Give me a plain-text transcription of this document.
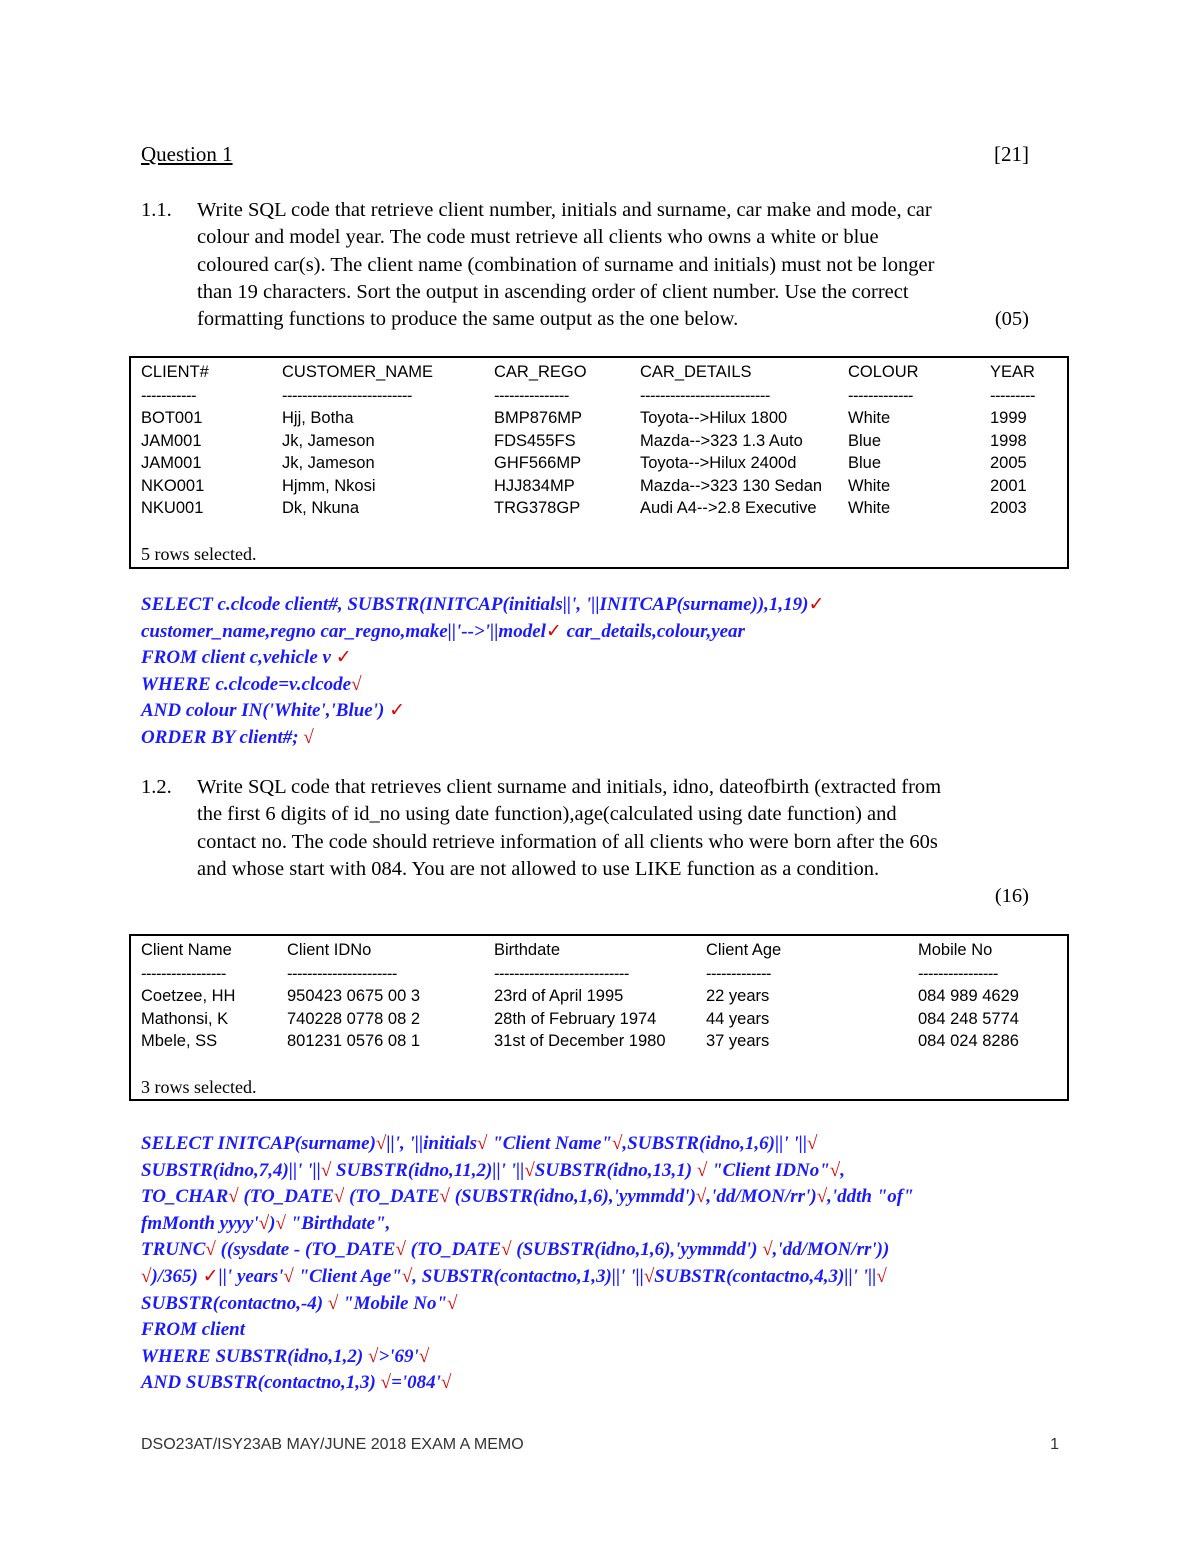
Question 1	[21]
1.1. Write SQL code that retrieve client number, initials and surname, car make and mode, car
colour and model year. The code must retrieve all clients who owns a white or blue
coloured car(s). The client name (combination of surname and initials) must not be longer
than 19 characters. Sort the output in ascending order of client number. Use the correct
(05)
formatting functions to produce the same output as the one below.
CLIENT#	CUSTOMER_NAME	CAR_REGO	CAR_DETAILS	COLOUR	YEAR
-----------	--------------------------	---------------	--------------------------	-------------	---------
BOT001	Hjj, Botha	BMP876MP	Toyota-->Hilux 1800	White	1999
JAM001	Jk, Jameson	FDS455FS	Mazda-->323 1.3 Auto	Blue	1998
JAM001	Jk, Jameson	GHF566MP	Toyota-->Hilux 2400d	Blue	2005
NKO001	Hjmm, Nkosi	HJJ834MP	Mazda-->323 130 Sedan	White	2001
NKU001	Dk, Nkuna	TRG378GP	Audi A4-->2.8 Executive	White	2003
5 rows selected.
SELECT c.clcode client#, SUBSTR(INITCAP(initials||', '||INITCAP(surname)),1,19)✓
customer_name,regno car_regno,make||'-->'||model✓ car_details,colour,year
FROM client c,vehicle v ✓
WHERE c.clcode=v.clcode√
AND colour IN('White','Blue') ✓
ORDER BY client#; √
1.2. Write SQL code that retrieves client surname and initials, idno, dateofbirth (extracted from
the first 6 digits of id_no using date function),age(calculated using date function) and
contact no. The code should retrieve information of all clients who were born after the 60s
and whose start with 084. You are not allowed to use LIKE function as a condition.
(16)
Client Name	Client IDNo	Birthdate	Client Age	Mobile No
-----------------	----------------------	---------------------------	-------------	----------------
Coetzee, HH	950423 0675 00 3	23rd of April 1995	22 years	084 989 4629
Mathonsi, K	740228 0778 08 2	28th of February 1974	44 years	084 248 5774
Mbele, SS	801231 0576 08 1	31st of December 1980	37 years	084 024 8286
3 rows selected.
SELECT INITCAP(surname)√||', '||initials√ "Client Name"√,SUBSTR(idno,1,6)||' '||√
SUBSTR(idno,7,4)||' '||√ SUBSTR(idno,11,2)||' '||√SUBSTR(idno,13,1) √ "Client IDNo"√,
TO_CHAR√ (TO_DATE√ (TO_DATE√ (SUBSTR(idno,1,6),'yymmdd')√,'dd/MON/rr')√,'ddth "of"
fmMonth yyyy'√)√ "Birthdate",
TRUNC√ ((sysdate - (TO_DATE√ (TO_DATE√ (SUBSTR(idno,1,6),'yymmdd') √,'dd/MON/rr'))
√)/365) ✓||' years'√ "Client Age"√, SUBSTR(contactno,1,3)||' '||√SUBSTR(contactno,4,3)||' '||√
SUBSTR(contactno,-4) √ "Mobile No"√
FROM client
WHERE SUBSTR(idno,1,2) √>'69'√
AND SUBSTR(contactno,1,3) √='084'√
DSO23AT/ISY23AB MAY/JUNE 2018 EXAM A MEMO	1
